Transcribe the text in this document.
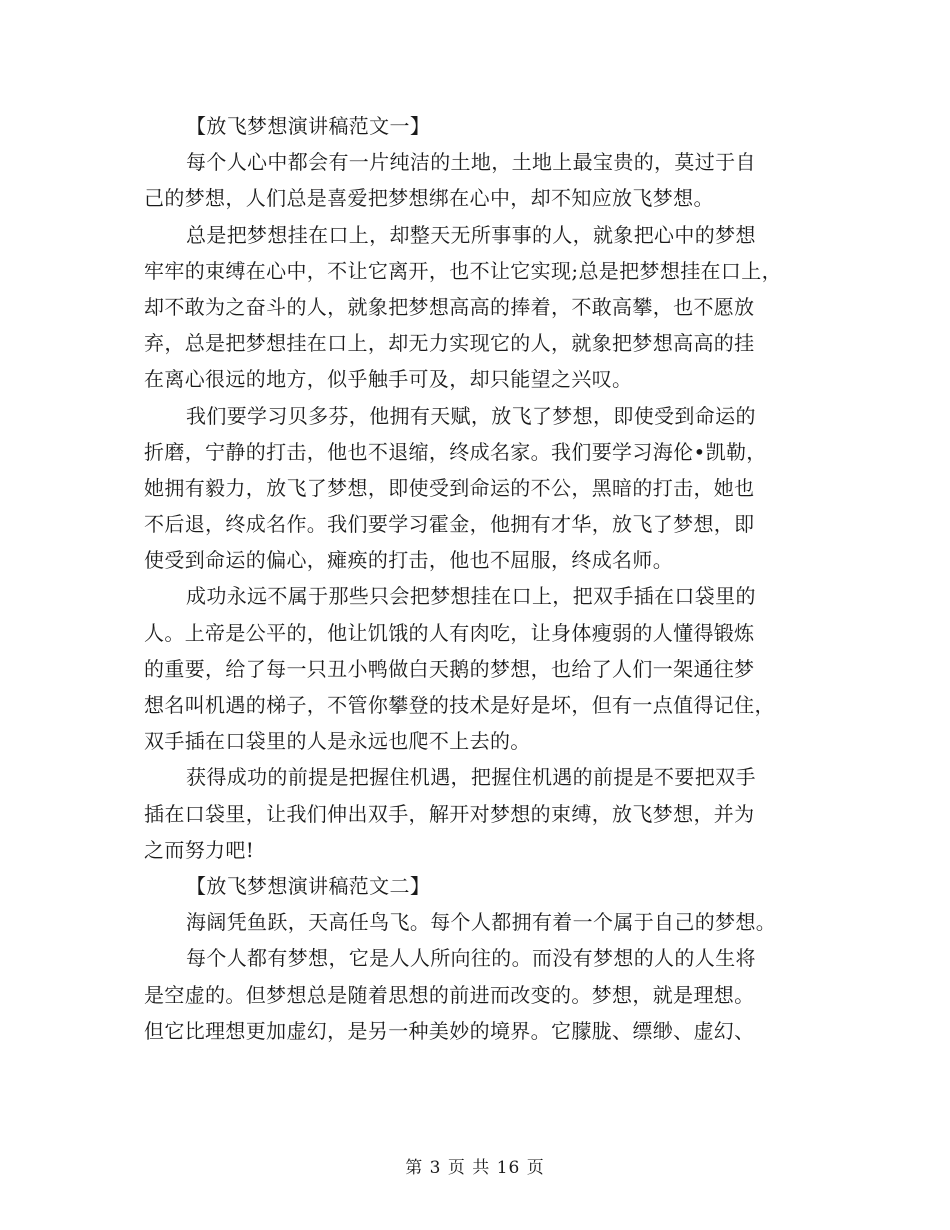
【放飞梦想演讲稿范文一】
每个人心中都会有一片纯洁的土地，土地上最宝贵的，莫过于自
己的梦想，人们总是喜爱把梦想绑在心中，却不知应放飞梦想。
总是把梦想挂在口上，却整天无所事事的人，就象把心中的梦想
牢牢的束缚在心中，不让它离开，也不让它实现;总是把梦想挂在口上，
却不敢为之奋斗的人，就象把梦想高高的捧着，不敢高攀，也不愿放
弃，总是把梦想挂在口上，却无力实现它的人，就象把梦想高高的挂
在离心很远的地方，似乎触手可及，却只能望之兴叹。
我们要学习贝多芬，他拥有天赋，放飞了梦想，即使受到命运的
折磨，宁静的打击，他也不退缩，终成名家。我们要学习海伦•凯勒，
她拥有毅力，放飞了梦想，即使受到命运的不公，黑暗的打击，她也
不后退，终成名作。我们要学习霍金，他拥有才华，放飞了梦想，即
使受到命运的偏心，瘫痪的打击，他也不屈服，终成名师。
成功永远不属于那些只会把梦想挂在口上，把双手插在口袋里的
人。上帝是公平的，他让饥饿的人有肉吃，让身体瘦弱的人懂得锻炼
的重要，给了每一只丑小鸭做白天鹅的梦想，也给了人们一架通往梦
想名叫机遇的梯子，不管你攀登的技术是好是坏，但有一点值得记住，
双手插在口袋里的人是永远也爬不上去的。
获得成功的前提是把握住机遇，把握住机遇的前提是不要把双手
插在口袋里，让我们伸出双手，解开对梦想的束缚，放飞梦想，并为
之而努力吧!
【放飞梦想演讲稿范文二】
海阔凭鱼跃，天高任鸟飞。每个人都拥有着一个属于自己的梦想。
每个人都有梦想，它是人人所向往的。而没有梦想的人的人生将
是空虚的。但梦想总是随着思想的前进而改变的。梦想，就是理想。
但它比理想更加虚幻，是另一种美妙的境界。它朦胧、缥缈、虚幻、
第 3 页 共 16 页
